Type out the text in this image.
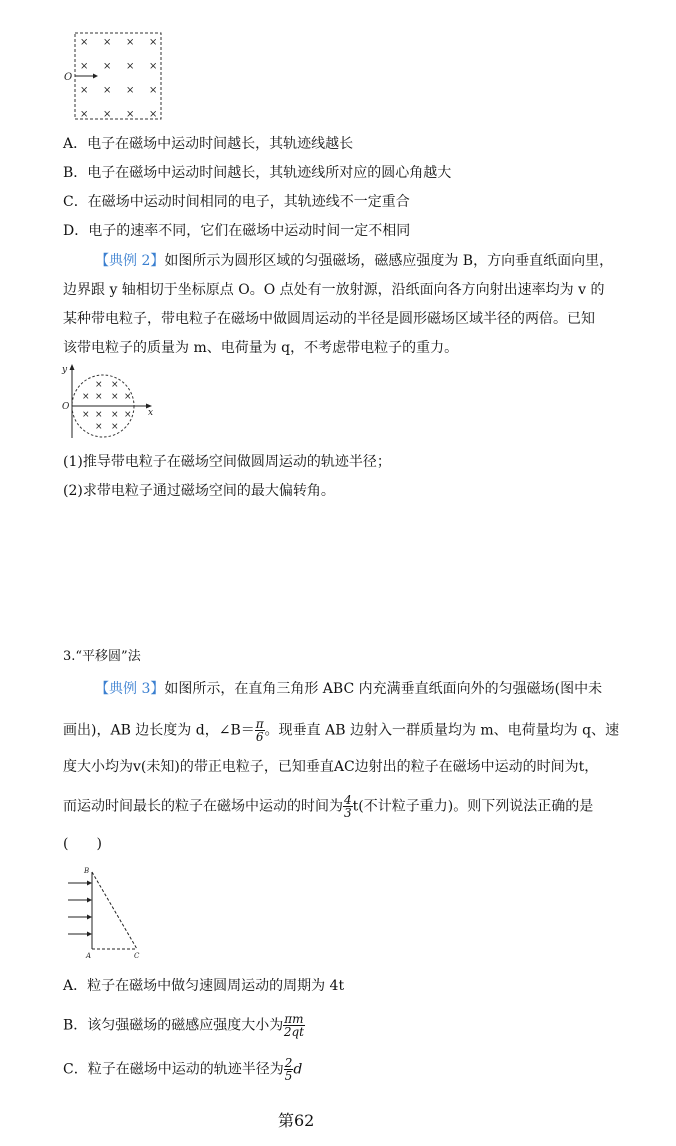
× × × ×
× × × ×
× × × ×
× × × ×
O
A．电子在磁场中运动时间越长，其轨迹线越长
B．电子在磁场中运动时间越长，其轨迹线所对应的圆心角越大
C．在磁场中运动时间相同的电子，其轨迹线不一定重合
D．电子的速率不同，它们在磁场中运动时间一定不相同
【典例 2】如图所示为圆形区域的匀强磁场，磁感应强度为 B，方向垂直纸面向里，
边界跟 y 轴相切于坐标原点 O。O 点处有一放射源，沿纸面向各方向射出速率均为 v 的
某种带电粒子，带电粒子在磁场中做圆周运动的半径是圆形磁场区域半径的两倍。已知
该带电粒子的质量为 m、电荷量为 q，不考虑带电粒子的重力。
× ×
× × × ×
× × × ×
× ×
y
x
O
(1)推导带电粒子在磁场空间做圆周运动的轨迹半径；
(2)求带电粒子通过磁场空间的最大偏转角。
3.“平移圆”法
【典例 3】如图所示，在直角三角形 ABC 内充满垂直纸面向外的匀强磁场(图中未
画出)，AB 边长度为 d，∠B＝ $\frac{\pi}{6}$ 。现垂直 AB 边射入一群质量均为 m、电荷量均为 q、速
度大小均为v(未知)的带正电粒子，已知垂直AC边射出的粒子在磁场中运动的时间为t，
而运动时间最长的粒子在磁场中运动的时间为 $\frac{4}{3} t$(不计粒子重力)。则下列说法正确的是
(　　)
B
A	C
A．粒子在磁场中做匀速圆周运动的周期为 4t
B．该匀强磁场的磁感应强度大小为 $\frac{\pi m}{2qt}$
C．粒子在磁场中运动的轨迹半径为 $\frac{2}{5}$ d
第62
